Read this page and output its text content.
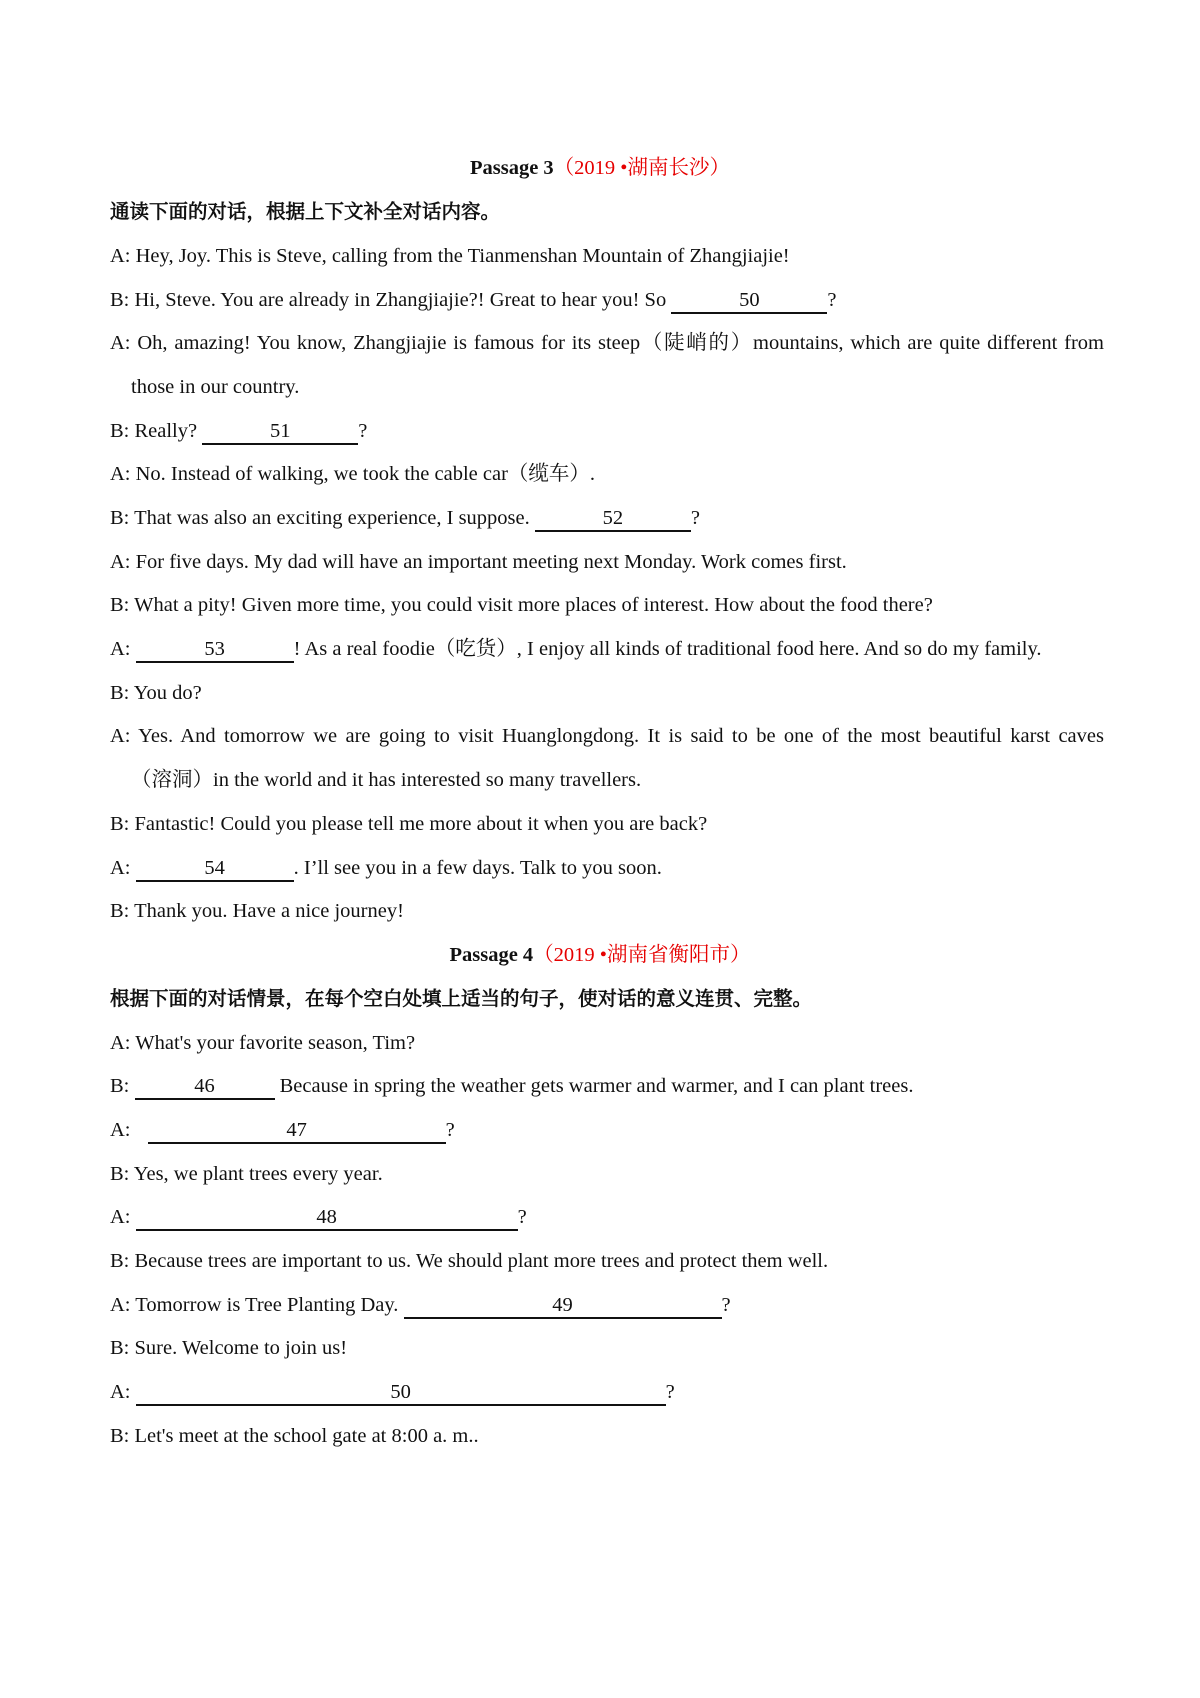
Passage 3（2019 •湖南长沙）
通读下面的对话，根据上下文补全对话内容。
A: Hey, Joy. This is Steve, calling from the Tianmenshan Mountain of Zhangjiajie!
B: Hi, Steve. You are already in Zhangjiajie?! Great to hear you! So	50	?
A: Oh, amazing! You know, Zhangjiajie is famous for its steep（陡峭的）mountains, which are quite different from
those in our country.
B: Really?	51	?
A: No. Instead of walking, we took the cable car（缆车）.
B: That was also an exciting experience, I suppose.	52	?
A: For five days. My dad will have an important meeting next Monday. Work comes first.
B: What a pity! Given more time, you could visit more places of interest. How about the food there?
A:	53	! As a real foodie（吃货）, I enjoy all kinds of traditional food here. And so do my family.
B: You do?
A: Yes. And tomorrow we are going to visit Huanglongdong. It is said to be one of the most beautiful karst caves
（溶洞）in the world and it has interested so many travellers.
B: Fantastic! Could you please tell me more about it when you are back?
A:	54	. I’ll see you in a few days. Talk to you soon.
B: Thank you. Have a nice journey!
Passage 4（2019 •湖南省衡阳市）
根据下面的对话情景，在每个空白处填上适当的句子，使对话的意义连贯、完整。
A: What's your favorite season, Tim?
B:	46	Because in spring the weather gets warmer and warmer, and I can plant trees.
A:	47	?
B: Yes, we plant trees every year.
A:	48	?
B: Because trees are important to us. We should plant more trees and protect them well.
A: Tomorrow is Tree Planting Day.	49	?
B: Sure. Welcome to join us!
A:	50	?
B: Let's meet at the school gate at 8:00 a. m..
